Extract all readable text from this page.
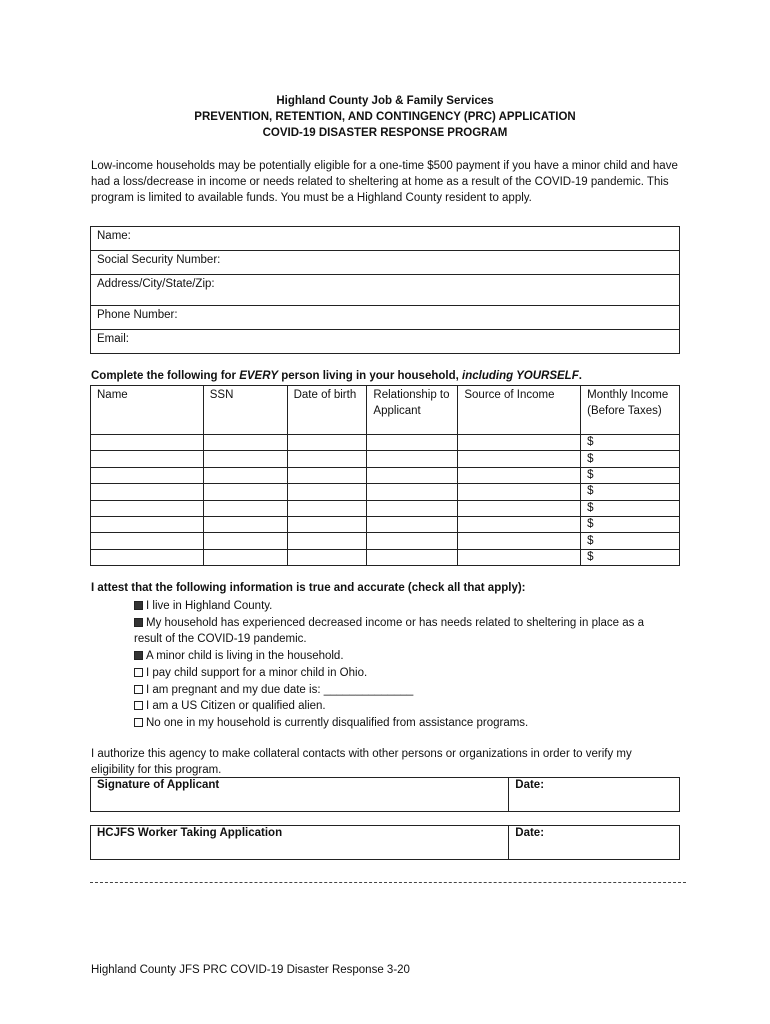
Highland County Job & Family Services
PREVENTION, RETENTION, AND CONTINGENCY (PRC) APPLICATION
COVID-19 DISASTER RESPONSE PROGRAM
Low-income households may be potentially eligible for a one-time $500 payment if you have a minor child and have had a loss/decrease in income or needs related to sheltering at home as a result of the COVID-19 pandemic. This program is limited to available funds. You must be a Highland County resident to apply.
Name:
Social Security Number:
Address/City/State/Zip:
Phone Number:
Email:
Complete the following for EVERY person living in your household, including YOURSELF.
Name	SSN	Date of birth	Relationship to Applicant	Source of Income	Monthly Income (Before Taxes)
					$
					$
					$
					$
					$
					$
					$
					$
I attest that the following information is true and accurate (check all that apply):
I live in Highland County.
My household has experienced decreased income or has needs related to sheltering in place as a result of the COVID-19 pandemic.
A minor child is living in the household.
I pay child support for a minor child in Ohio.
I am pregnant and my due date is: ______________
I am a US Citizen or qualified alien.
No one in my household is currently disqualified from assistance programs.
I authorize this agency to make collateral contacts with other persons or organizations in order to verify my eligibility for this program.
Signature of Applicant	Date:
HCJFS Worker Taking Application	Date:
Highland County JFS PRC COVID-19 Disaster Response 3-20
